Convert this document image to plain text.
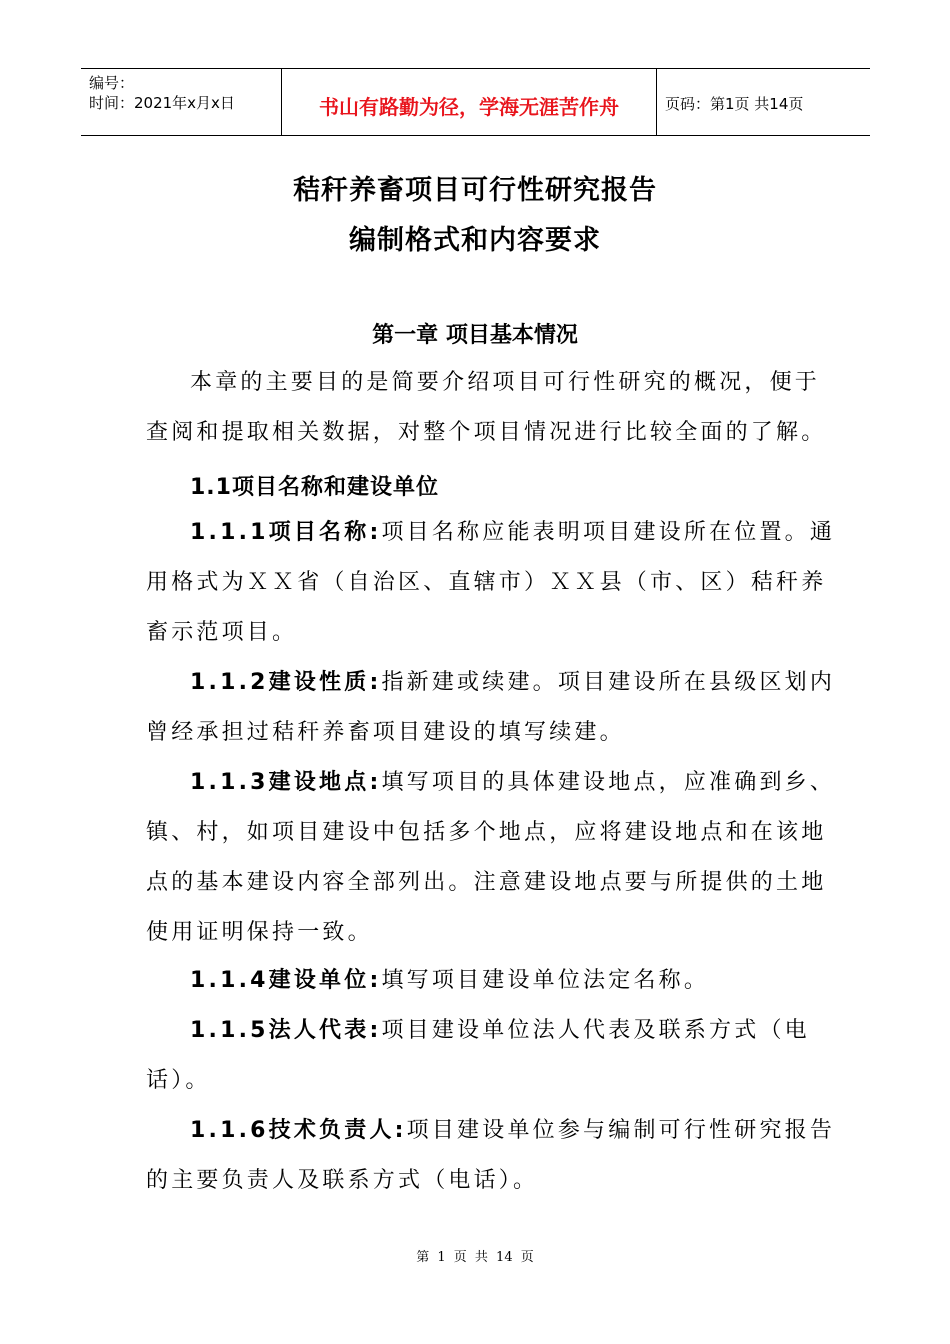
编号：
时间：2021年x月x日	书山有路勤为径，学海无涯苦作舟	页码：第1页 共14页
秸秆养畜项目可行性研究报告
编制格式和内容要求
第一章 项目基本情况
本章的主要目的是简要介绍项目可行性研究的概况，便于查阅和提取相关数据，对整个项目情况进行比较全面的了解。
1.1项目名称和建设单位
1.1.1项目名称:项目名称应能表明项目建设所在位置。通用格式为ＸＸ省（自治区、直辖市）ＸＸ县（市、区）秸秆养畜示范项目。
1.1.2建设性质:指新建或续建。项目建设所在县级区划内曾经承担过秸秆养畜项目建设的填写续建。
1.1.3建设地点:填写项目的具体建设地点，应准确到乡、镇、村，如项目建设中包括多个地点，应将建设地点和在该地点的基本建设内容全部列出。注意建设地点要与所提供的土地使用证明保持一致。
1.1.4建设单位:填写项目建设单位法定名称。
1.1.5法人代表:项目建设单位法人代表及联系方式（电话）。
1.1.6技术负责人:项目建设单位参与编制可行性研究报告的主要负责人及联系方式（电话）。
第 1 页 共 14 页
